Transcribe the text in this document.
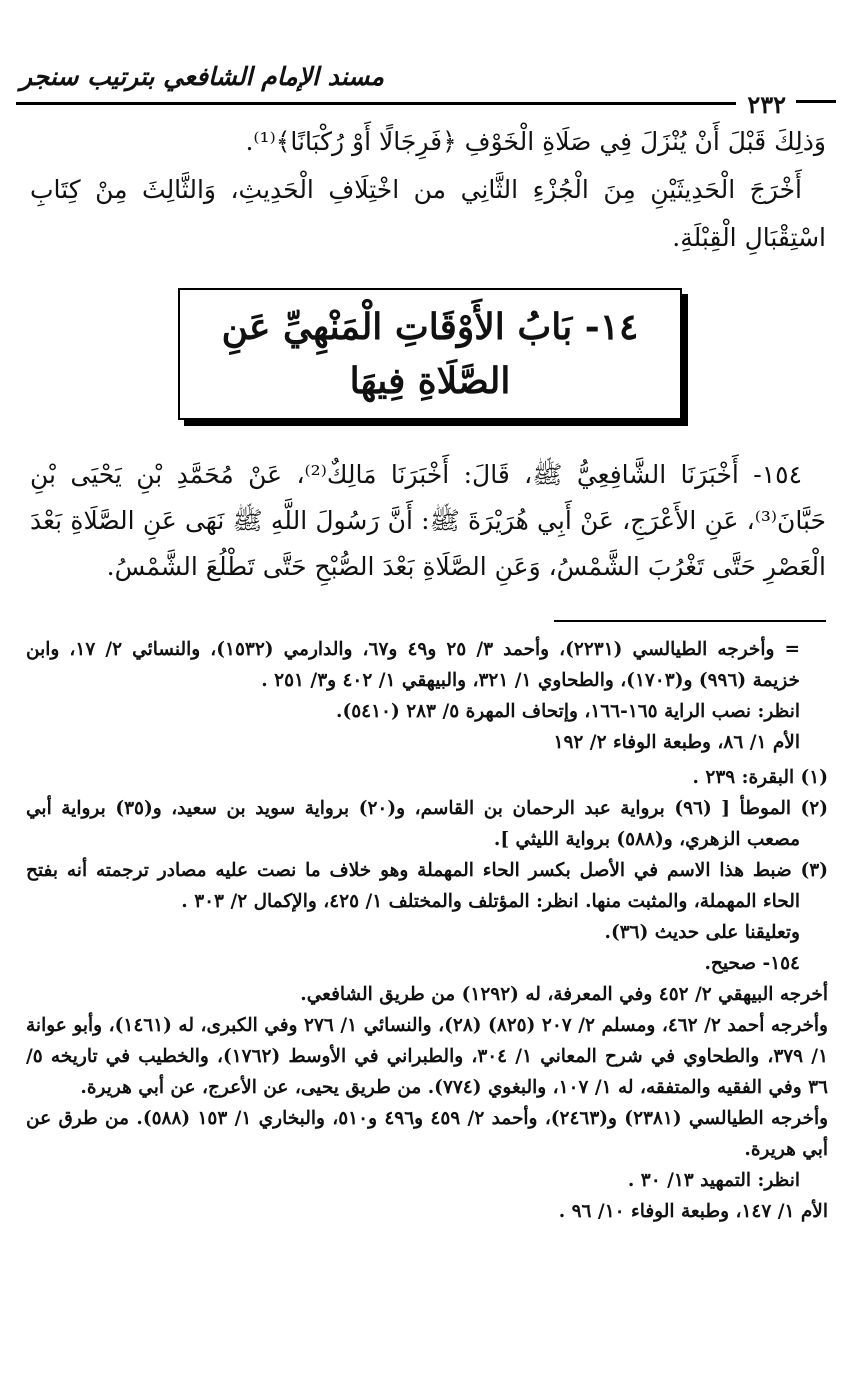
مسند الإمام الشافعي بترتيب سنجر
٢٣٢

وَذلِكَ قَبْلَ أَنْ يُنْزَلَ فِي صَلَاةِ الْخَوْفِ ﴿فَرِجَالًا أَوْ رُكْبَانًا﴾⁽¹⁾.

أَخْرَجَ الْحَدِيثَيْنِ مِنَ الْجُزْءِ الثَّانِي من اخْتِلَافِ الْحَدِيثِ، وَالثَّالِثَ مِنْ كِتَابِ اسْتِقْبَالِ الْقِبْلَةِ.

١٤- بَابُ الأَوْقَاتِ الْمَنْهِيِّ عَنِ الصَّلَاةِ فِيهَا

١٥٤- أَخْبَرَنَا الشَّافِعِيُّ ﷺ، قَالَ: أَخْبَرَنَا مَالِكٌ⁽²⁾، عَنْ مُحَمَّدِ بْنِ يَحْيَى بْنِ حَبَّانَ⁽³⁾، عَنِ الأَعْرَجِ، عَنْ أَبِي هُرَيْرَةَ ﷺ: أَنَّ رَسُولَ اللَّهِ ﷺ نَهَى عَنِ الصَّلَاةِ بَعْدَ الْعَصْرِ حَتَّى تَغْرُبَ الشَّمْسُ، وَعَنِ الصَّلَاةِ بَعْدَ الصُّبْحِ حَتَّى تَطْلُعَ الشَّمْسُ.

= وأخرجه الطيالسي (٢٢٣١)، وأحمد ٣/ ٢٥ و٤٩ و٦٧، والدارمي (١٥٣٢)، والنسائي ٢/ ١٧، وابن خزيمة (٩٩٦) و(١٧٠٣)، والطحاوي ١/ ٣٢١، والبيهقي ١/ ٤٠٢ و٣/ ٢٥١ .

انظر: نصب الراية ١٦٥-١٦٦، وإتحاف المهرة ٥/ ٢٨٣ (٥٤١٠).

الأم ١/ ٨٦، وطبعة الوفاء ٢/ ١٩٢

(١) البقرة: ٢٣٩ .

(٢) الموطأ [ (٩٦) برواية عبد الرحمان بن القاسم، و(٢٠) برواية سويد بن سعيد، و(٣٥) برواية أبي مصعب الزهري، و(٥٨٨) برواية الليثي ].

(٣) ضبط هذا الاسم في الأصل بكسر الحاء المهملة وهو خلاف ما نصت عليه مصادر ترجمته أنه بفتح الحاء المهملة، والمثبت منها. انظر: المؤتلف والمختلف ١/ ٤٢٥، والإكمال ٢/ ٣٠٣ .

وتعليقنا على حديث (٣٦).

١٥٤- صحيح.

أخرجه البيهقي ٢/ ٤٥٢ وفي المعرفة، له (١٢٩٢) من طريق الشافعي.

وأخرجه أحمد ٢/ ٤٦٢، ومسلم ٢/ ٢٠٧ (٨٢٥) (٢٨)، والنسائي ١/ ٢٧٦ وفي الكبرى، له (١٤٦١)، وأبو عوانة ١/ ٣٧٩، والطحاوي في شرح المعاني ١/ ٣٠٤، والطبراني في الأوسط (١٧٦٢)، والخطيب في تاريخه ٥/ ٣٦ وفي الفقيه والمتفقه، له ١/ ١٠٧، والبغوي (٧٧٤). من طريق يحيى، عن الأعرج، عن أبي هريرة.

وأخرجه الطيالسي (٢٣٨١) و(٢٤٦٣)، وأحمد ٢/ ٤٥٩ و٤٩٦ و٥١٠، والبخاري ١/ ١٥٣ (٥٨٨). من طرق عن أبي هريرة.

انظر: التمهيد ١٣/ ٣٠ .

الأم ١/ ١٤٧، وطبعة الوفاء ١٠/ ٩٦ .
